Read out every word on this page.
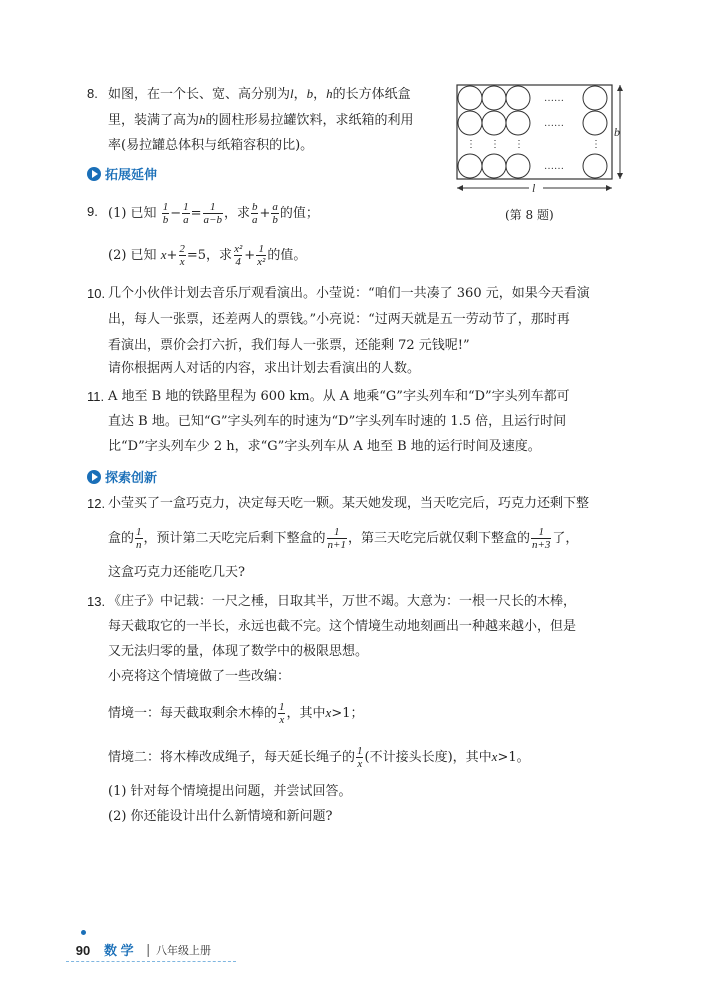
8. 如图，在一个长、宽、高分别为l，b，h的长方体纸盒
里，装满了高为h的圆柱形易拉罐饮料，求纸箱的利用
率(易拉罐总体积与纸箱容积的比)。
……
……
……
⋮ ⋮ ⋮	⋮
b
l
(第 8 题)
拓展延伸
9. (1) 已知 $\frac{1}{b} - \frac{1}{a} = \frac{1}{a-b}$ ，求 $\frac{b}{a} + \frac{a}{b}$ 的值；
(2) 已知 $x+ \frac{2}{x} =5$，求 $\frac{\text{x²}}{4} + \frac{1}{\text{x²}}$ 的值。
10. 几个小伙伴计划去音乐厅观看演出。小莹说：“咱们一共凑了 360 元，如果今天看演
出，每人一张票，还差两人的票钱。”小亮说：“过两天就是五一劳动节了，那时再
看演出，票价会打六折，我们每人一张票，还能剩 72 元钱呢!”
请你根据两人对话的内容，求出计划去看演出的人数。
11. A 地至 B 地的铁路里程为 600 km。从 A 地乘“G”字头列车和“D”字头列车都可
直达 B 地。已知“G”字头列车的时速为“D”字头列车时速的 1.5 倍，且运行时间
比“D”字头列车少 2 h，求“G”字头列车从 A 地至 B 地的运行时间及速度。
探索创新
12. 小莹买了一盒巧克力，决定每天吃一颗。某天她发现，当天吃完后，巧克力还剩下整
盒的 $\frac{1}{n}$ ，预计第二天吃完后剩下整盒的 $\frac{1}{n+1}$ ，第三天吃完后就仅剩下整盒的 $\frac{1}{n+3}$ 了，
这盒巧克力还能吃几天?
13. 《庄子》中记载：一尺之棰，日取其半，万世不竭。大意为：一根一尺长的木棒，
每天截取它的一半长，永远也截不完。这个情境生动地刻画出一种越来越小，但是
又无法归零的量，体现了数学中的极限思想。
小亮将这个情境做了一些改编：
情境一：每天截取剩余木棒的 $\frac{1}{x}$ ，其中x>1；
情境二：将木棒改成绳子，每天延长绳子的 $\frac{1}{x}$ (不计接头长度)，其中x>1。
(1) 针对每个情境提出问题，并尝试回答。
(2) 你还能设计出什么新情境和新问题?
90	数 学 | 八年级上册
